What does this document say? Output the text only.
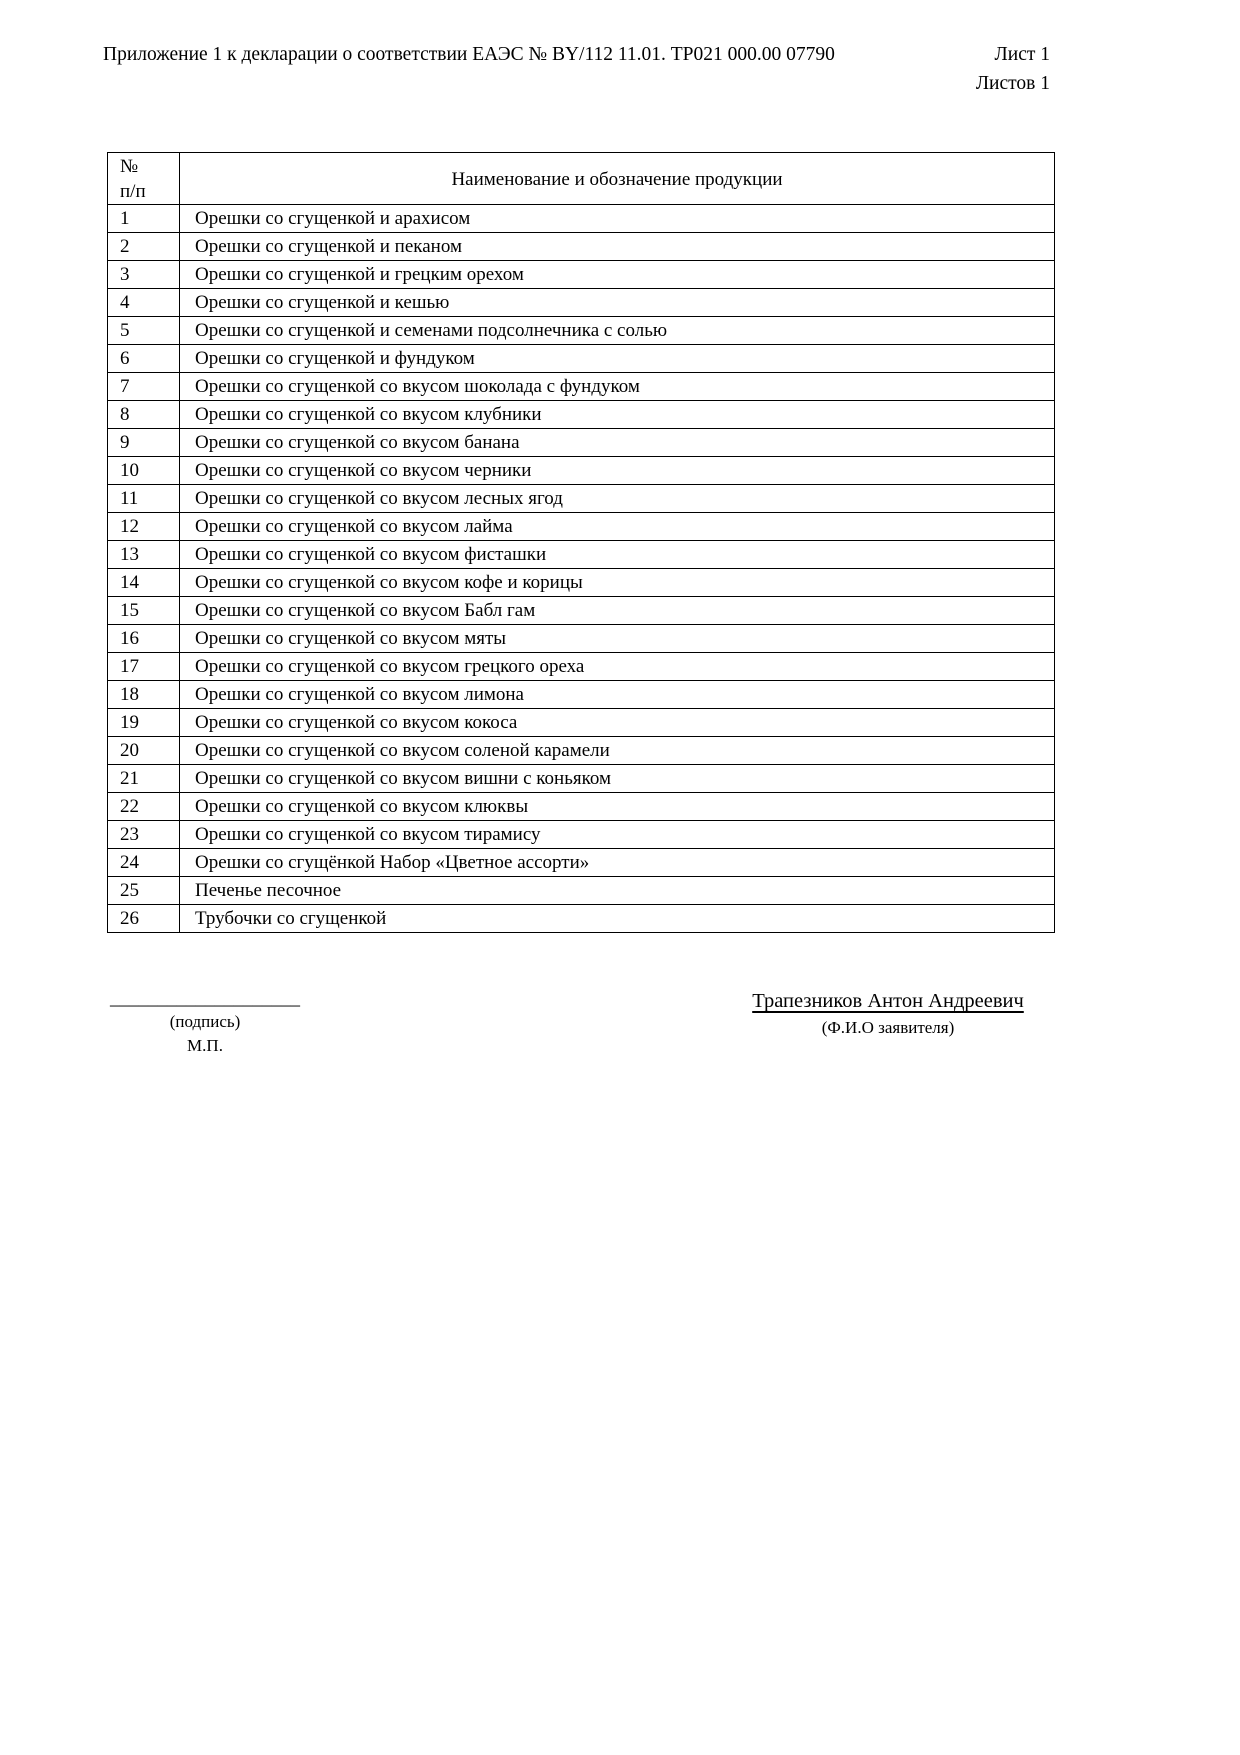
Приложение 1 к декларации о соответствии ЕАЭС № BY/112 11.01. ТР021 000.00 07790	Лист 1
Листов 1
№
п/п	Наименование и обозначение продукции
1	Орешки со сгущенкой и арахисом
2	Орешки со сгущенкой и пеканом
3	Орешки со сгущенкой и грецким орехом
4	Орешки со сгущенкой и кешью
5	Орешки со сгущенкой и семенами подсолнечника с солью
6	Орешки со сгущенкой и фундуком
7	Орешки со сгущенкой со вкусом шоколада с фундуком
8	Орешки со сгущенкой со вкусом клубники
9	Орешки со сгущенкой со вкусом банана
10	Орешки со сгущенкой со вкусом черники
11	Орешки со сгущенкой со вкусом лесных ягод
12	Орешки со сгущенкой со вкусом лайма
13	Орешки со сгущенкой со вкусом фисташки
14	Орешки со сгущенкой со вкусом кофе и корицы
15	Орешки со сгущенкой со вкусом Бабл гам
16	Орешки со сгущенкой со вкусом мяты
17	Орешки со сгущенкой со вкусом грецкого ореха
18	Орешки со сгущенкой со вкусом лимона
19	Орешки со сгущенкой со вкусом кокоса
20	Орешки со сгущенкой со вкусом соленой карамели
21	Орешки со сгущенкой со вкусом вишни с коньяком
22	Орешки со сгущенкой со вкусом клюквы
23	Орешки со сгущенкой со вкусом тирамису
24	Орешки со сгущёнкой Набор «Цветное ассорти»
25	Печенье песочное
26	Трубочки со сгущенкой
____________________
(подпись)
М.П.
Трапезников Антон Андреевич
(Ф.И.О заявителя)
